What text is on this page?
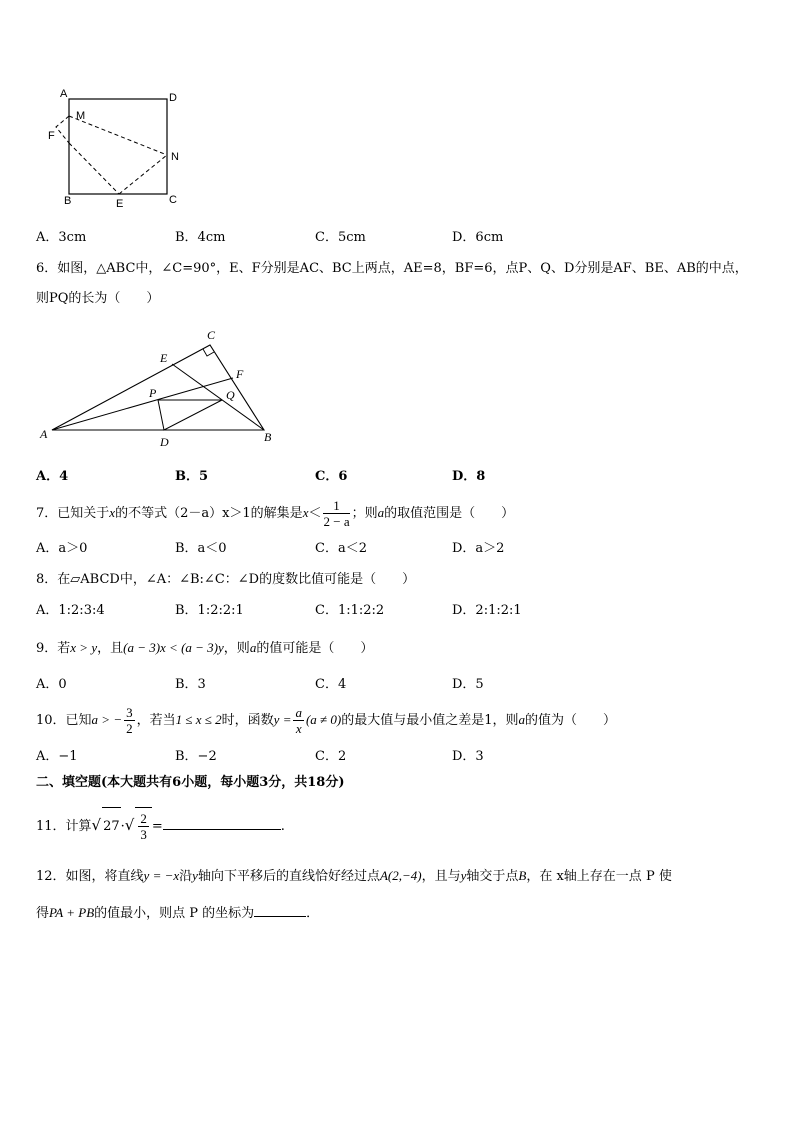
A	D
M
F
N
B	E	C
A．3cm	B．4cm	C．5cm	D．6cm
6．如图，△ABC中，∠C=90°，E、F分别是AC、BC上两点，AE=8，BF=6，点P、Q、D分别是AF、BE、AB的中点，
则PQ的长为（　　）
C
E
F
P	Q
A
D	B
A．4	B．5	C．6	D．8
7．已知关于x的不等式（2－a）x＞1的解集是$x< \frac{1}{2 - a}$ ；则a的取值范围是（　　）
A．a＞0	B．a＜0	C．a＜2	D．a＞2
8．在▱ABCD中，∠A：∠B:∠C：∠D的度数比值可能是（　　）
A．1:2:3:4	B．1:2:2:1	C．1:1:2:2	D．2:1:2:1
9．若x > y，且(a − 3)x < (a − 3)y，则a的值可能是（　　）
A．0	B．3	C．4	D．5
10．已知a > − $\frac{3}{2}$ ，若当1 ≤ x ≤ 2时，函数$y = \frac{a}{x} (a \ne 0)$的最大值与最小值之差是1，则a的值为（　　）
A．−1	B．−2	C．2	D．3
二、填空题(本大题共有6小题，每小题3分，共18分)
11．计算√ $27\cdot√ \frac{2}{3}$ =	.
12．如图，将直线y = −x沿y轴向下平移后的直线恰好经过点A(2,−4)，且与y轴交于点B，在 x轴上存在一点 P 使
得PA + PB的值最小，则点 P 的坐标为	．
